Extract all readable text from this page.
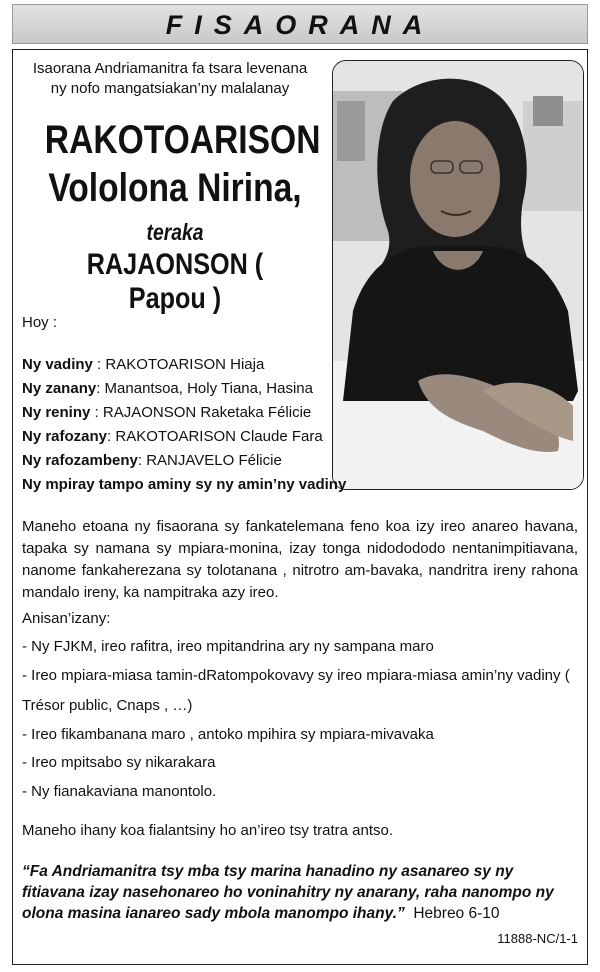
FISAORANA
Isaorana Andriamanitra fa tsara levenana
ny nofo mangatsiakan’ny malalanay
RAKOTOARISON
Vololona Nirina,
teraka
RAJAONSON ( Papou )
Hoy :
Ny vadiny : RAKOTOARISON Hiaja
Ny zanany: Manantsoa, Holy Tiana, Hasina
Ny reniny : RAJAONSON Raketaka Félicie
Ny rafozany: RAKOTOARISON Claude Fara
Ny rafozambeny: RANJAVELO Félicie
Ny mpiray tampo aminy sy ny amin’ny vadiny
Maneho etoana ny fisaorana sy fankatelemana feno koa izy ireo anareo havana, tapaka sy namana sy mpiara-monina, izay tonga nidodododo nentanimpitiavana, nanome fankaherezana sy tolotanana , nitrotro am-bavaka, nandritra ireny rahona mandalo ireny, ka nampitraka azy ireo.
Anisan’izany:
- Ny FJKM, ireo rafitra, ireo mpitandrina ary ny sampana maro
- Ireo mpiara-miasa tamin-dRatompokovavy sy ireo mpiara-miasa amin’ny vadiny (
Trésor public, Cnaps , …)
- Ireo fikambanana maro , antoko mpihira sy mpiara-mivavaka
- Ireo mpitsabo sy nikarakara
- Ny fianakaviana manontolo.
Maneho ihany koa fialantsiny ho an’ireo tsy tratra antso.
“Fa Andriamanitra tsy mba tsy marina hanadino ny asanareo sy ny fitiavana izay nasehonareo ho voninahitry ny anarany, raha nanompo ny olona masina ianareo sady mbola manompo ihany.” Hebreo 6-10
11888-NC/1-1
